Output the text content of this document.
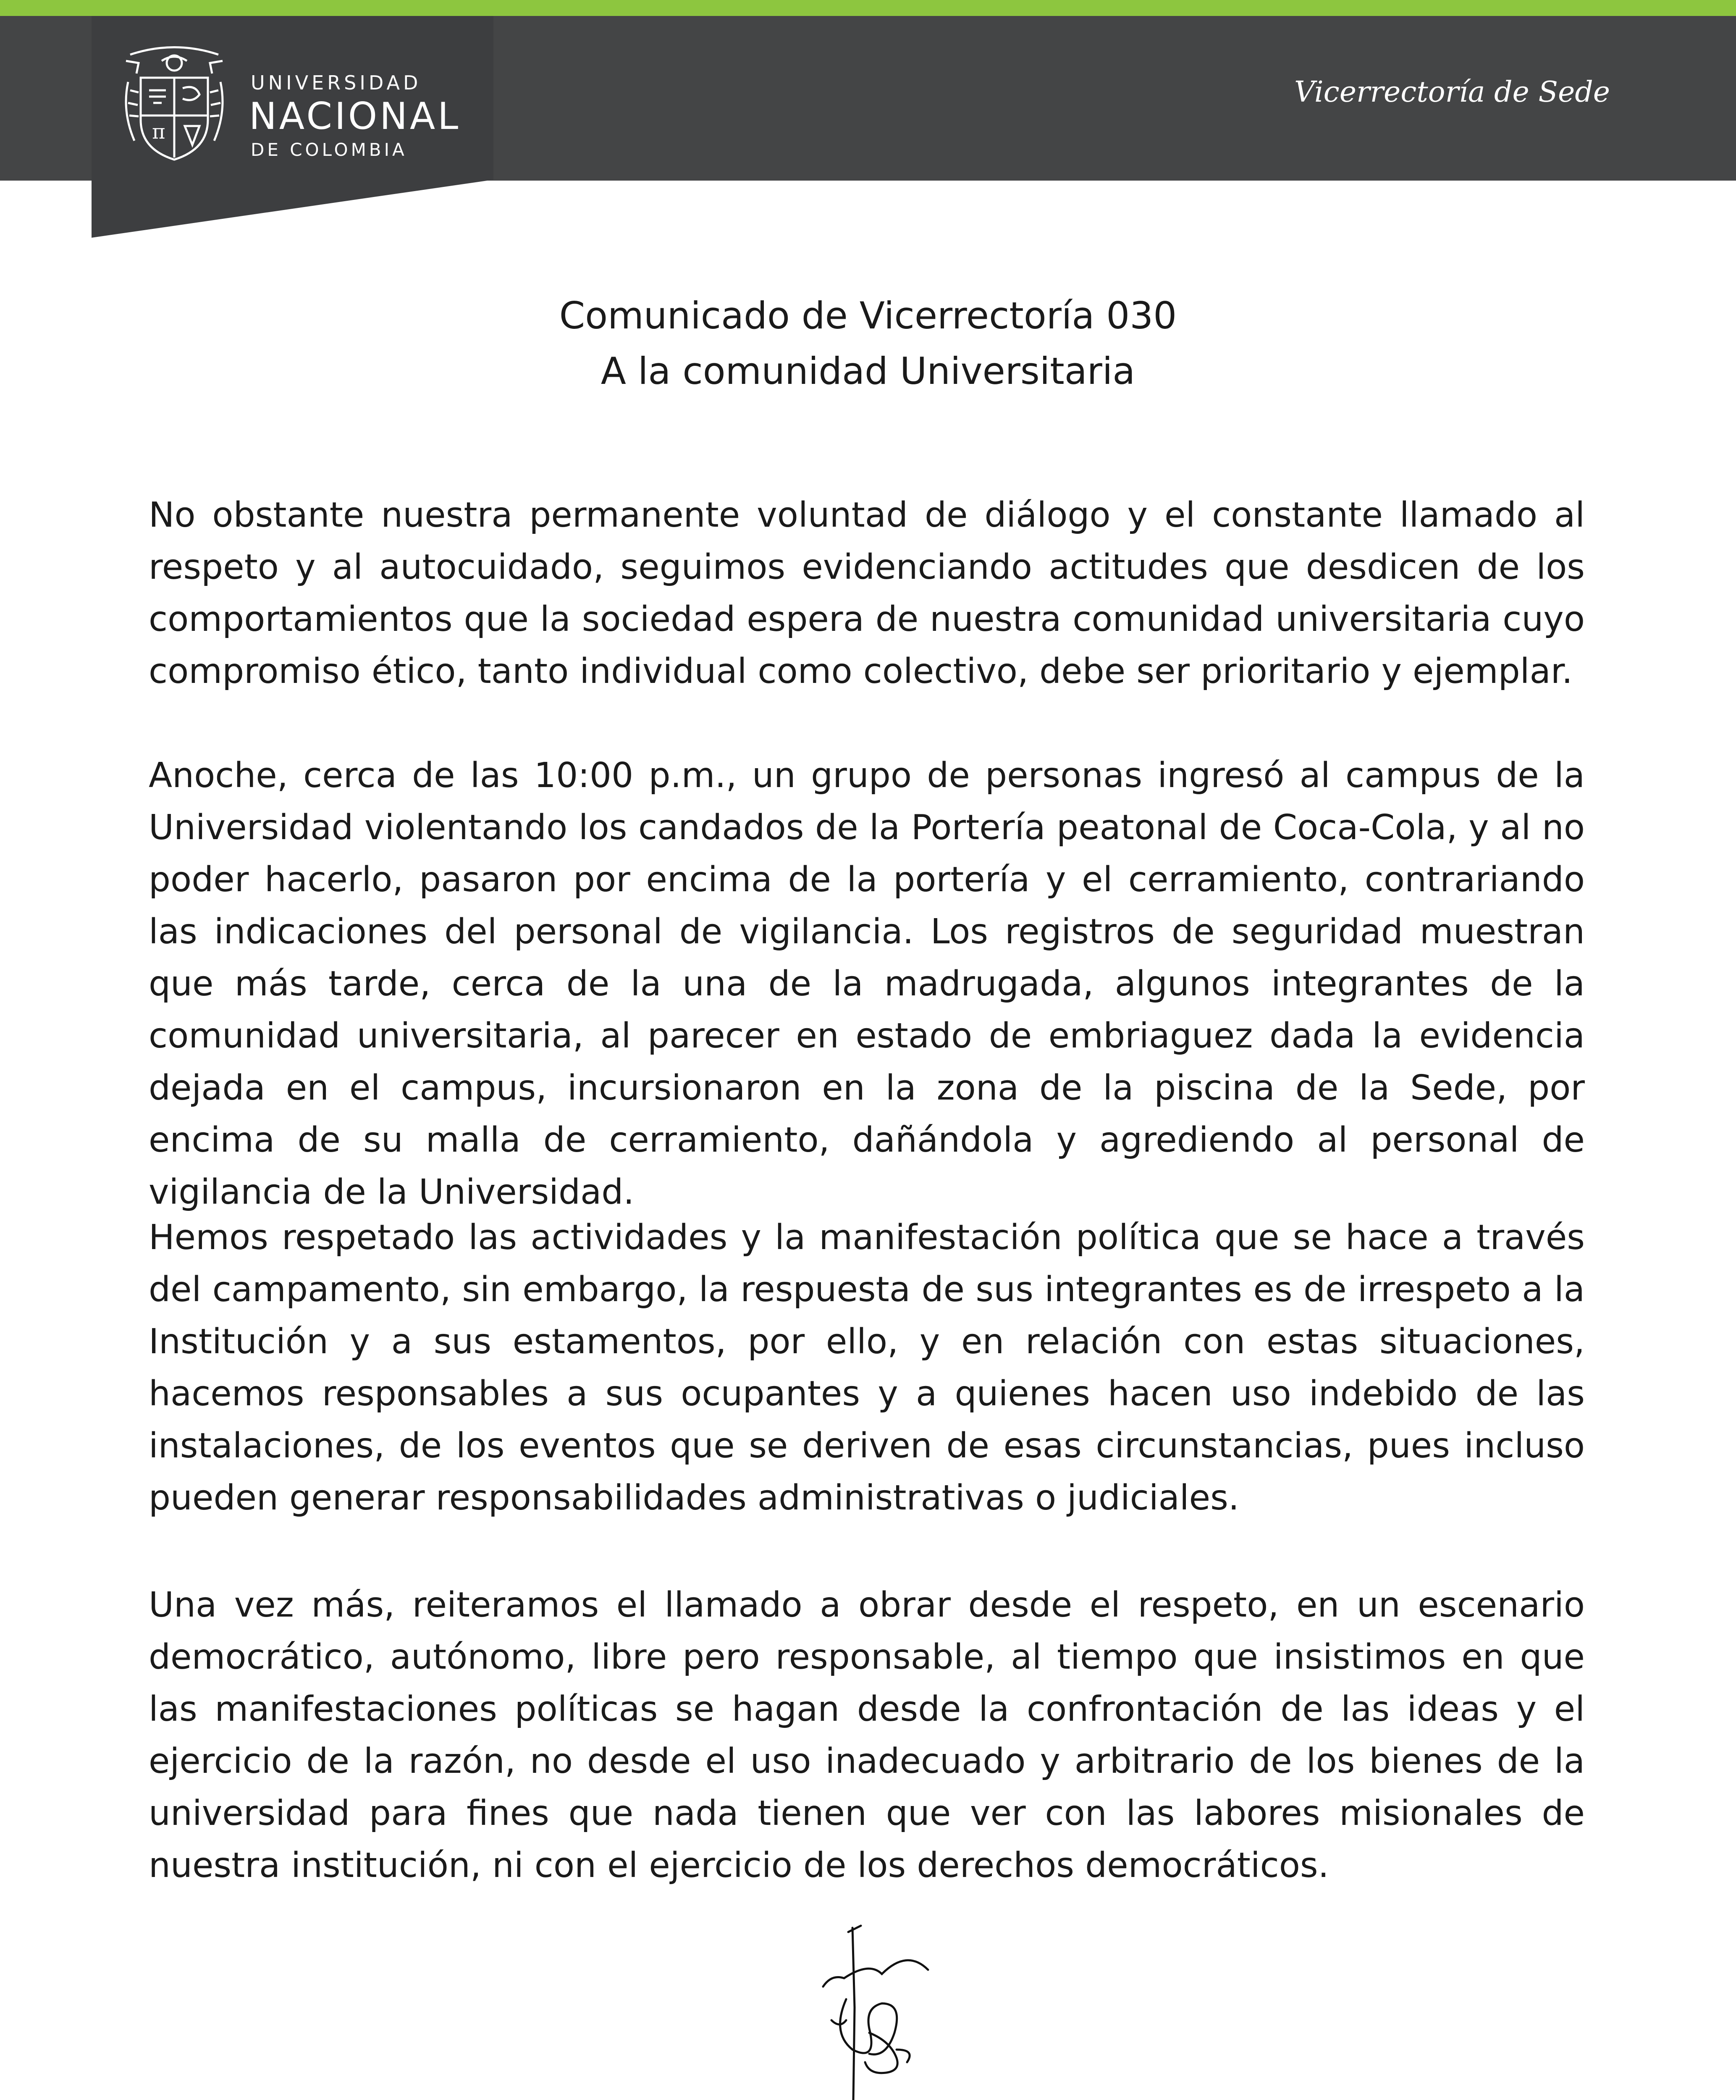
π
UNIVERSIDAD
NACIONAL
DE COLOMBIA
Vicerrectoría de Sede
Comunicado de Vicerrectoría 030
A la comunidad Universitaria
No obstante nuestra permanente voluntad de diálogo y el constante llamado al respeto y al autocuidado, seguimos evidenciando actitudes que desdicen de los comportamientos que la sociedad espera de nuestra comunidad universitaria cuyo compromiso ético, tanto individual como colectivo, debe ser prioritario y ejemplar.
Anoche, cerca de las 10:00 p.m., un grupo de personas ingresó al campus de la Universidad violentando los candados de la Portería peatonal de Coca-Cola, y al no poder hacerlo, pasaron por encima de la portería y el cerramiento, contrariando las indicaciones del personal de vigilancia. Los registros de seguridad muestran que más tarde, cerca de la una de la madrugada, algunos integrantes de la comunidad universitaria, al parecer en estado de embriaguez dada la evidencia dejada en el campus, incursionaron en la zona de la piscina de la Sede, por encima de su malla de cerramiento, dañándola y agrediendo al personal de vigilancia de la Universidad.
Hemos respetado las actividades y la manifestación política que se hace a través del campamento, sin embargo, la respuesta de sus integrantes es de irrespeto a la Institución y a sus estamentos, por ello, y en relación con estas situaciones, hacemos responsables a sus ocupantes y a quienes hacen uso indebido de las instalaciones, de los eventos que se deriven de esas circunstancias, pues incluso pueden generar responsabilidades administrativas o judiciales.
Una vez más, reiteramos el llamado a obrar desde el respeto, en un escenario democrático, autónomo, libre pero responsable, al tiempo que insistimos en que las manifestaciones políticas se hagan desde la confrontación de las ideas y el ejercicio de la razón, no desde el uso inadecuado y arbitrario de los bienes de la universidad para fines que nada tienen que ver con las labores misionales de nuestra institución, ni con el ejercicio de los derechos democráticos.
